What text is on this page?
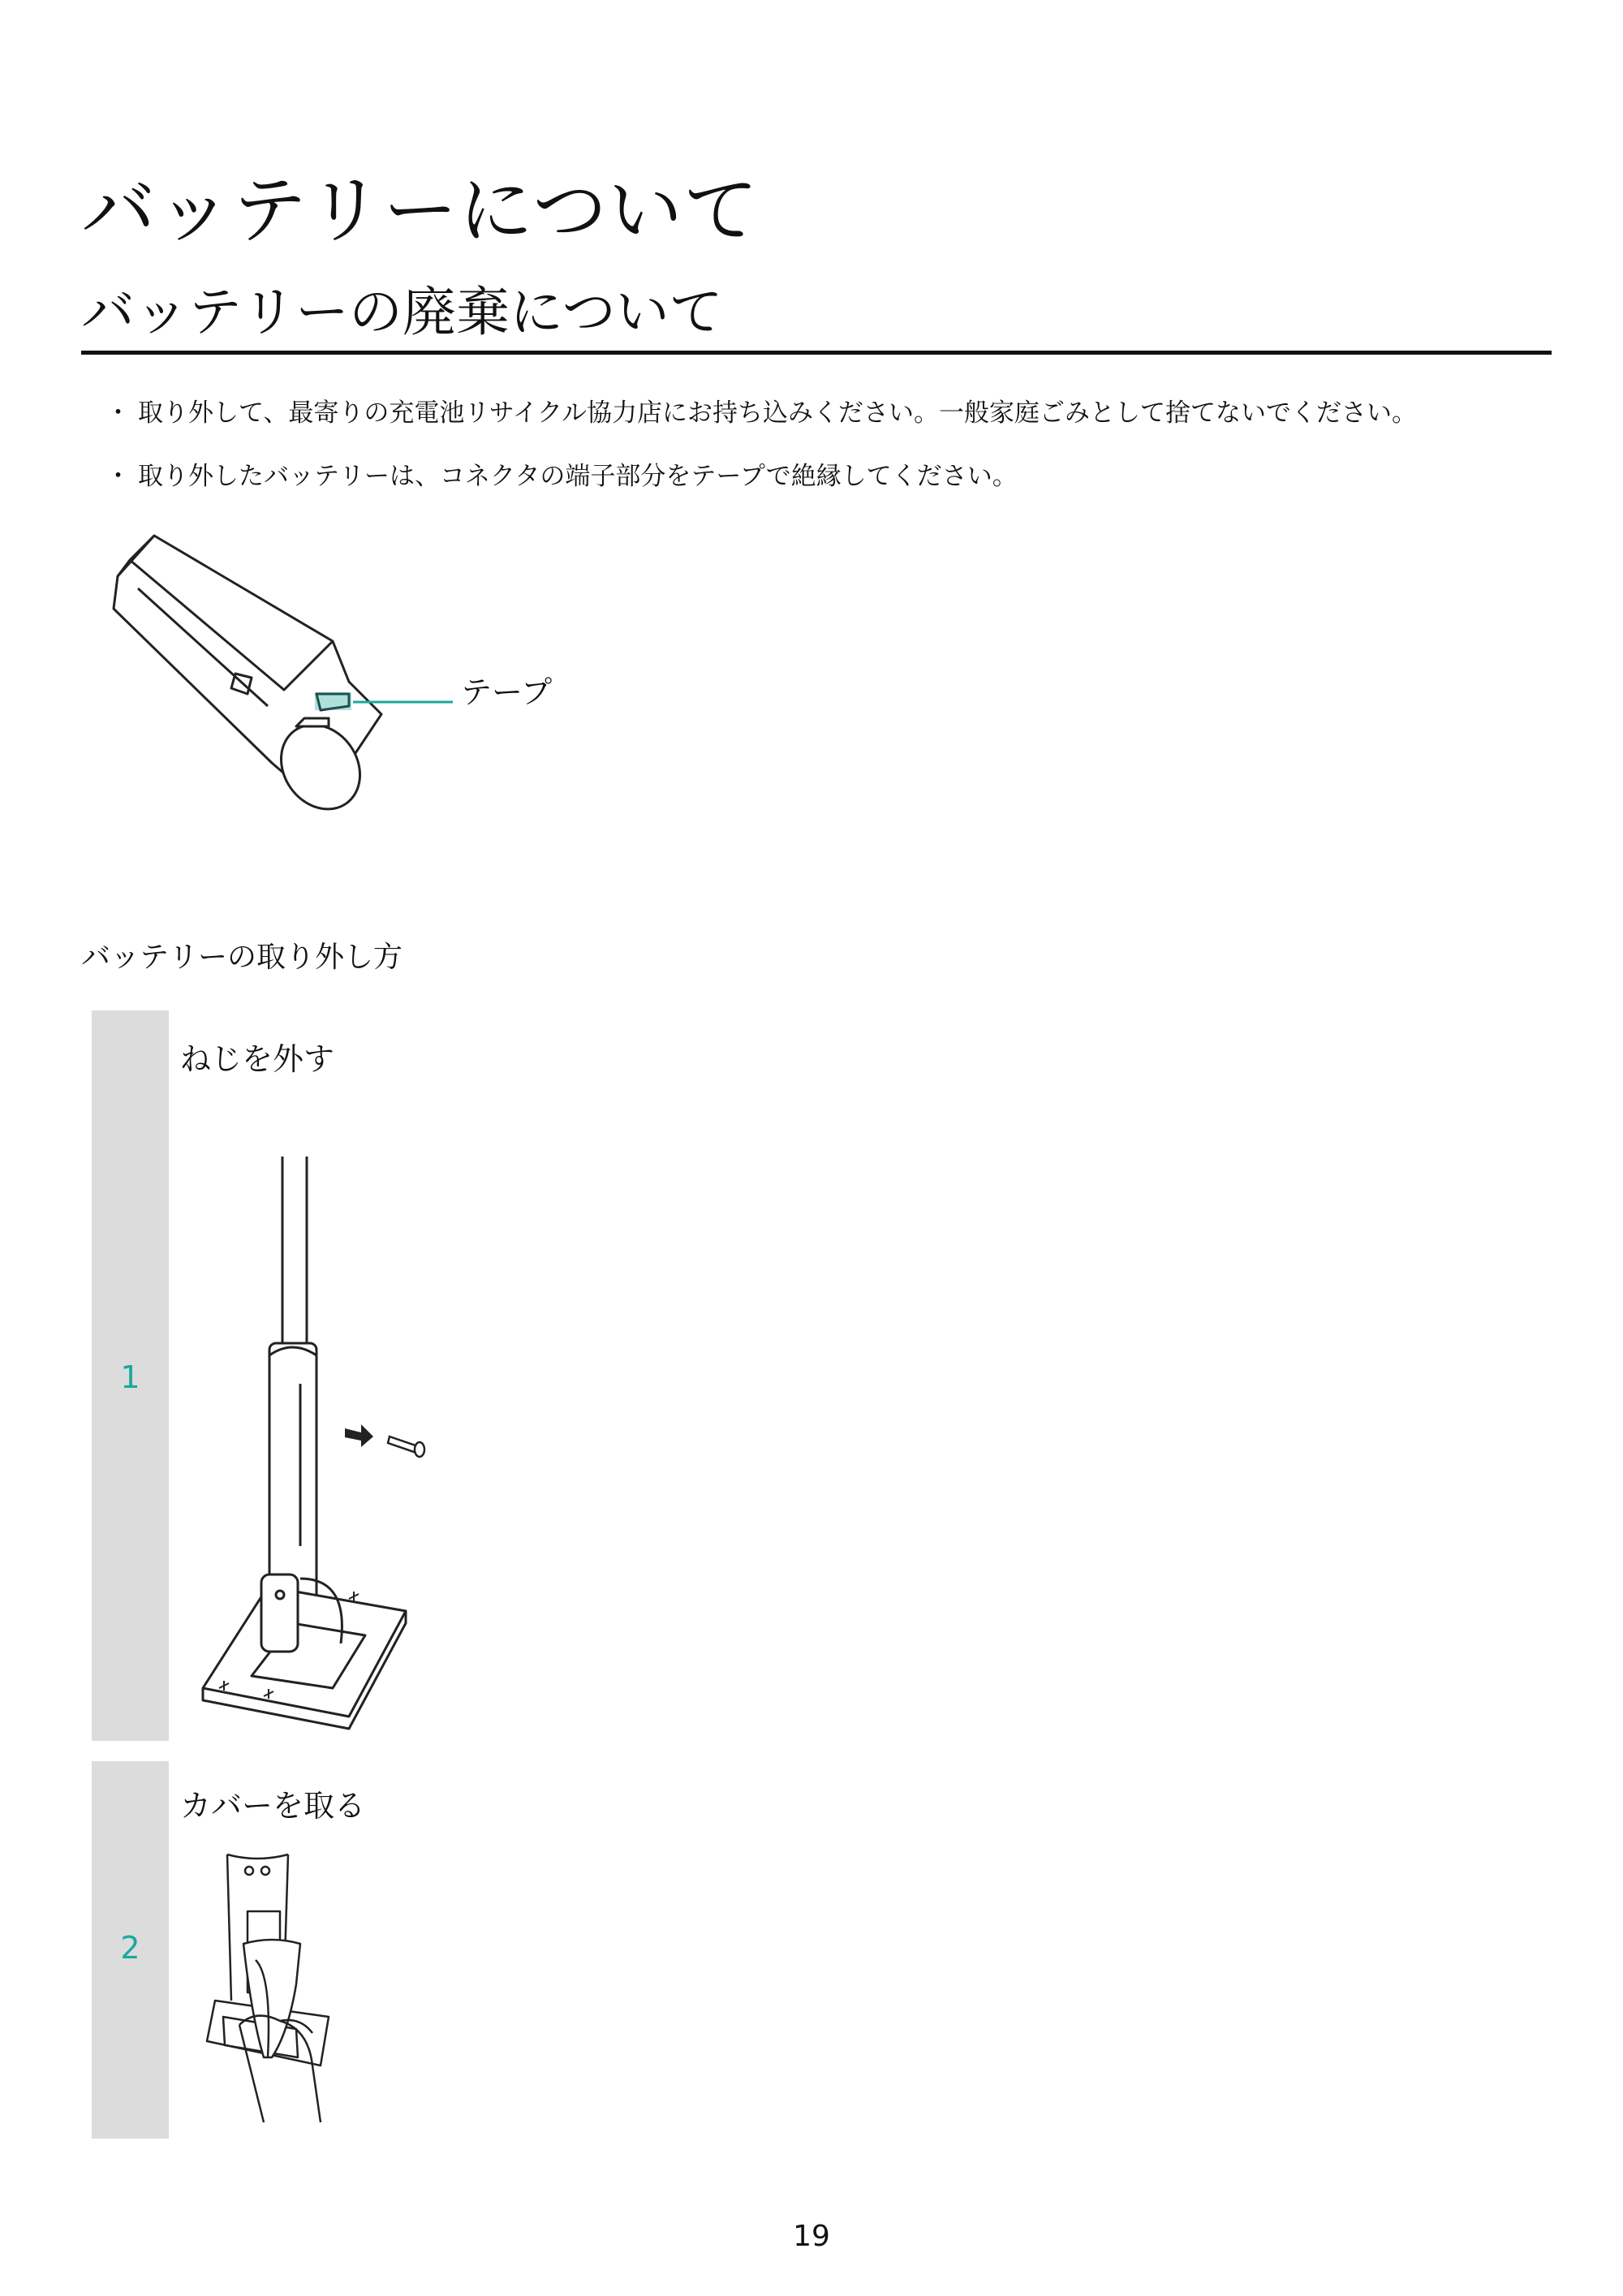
バッテリーについて
バッテリーの廃棄について
・ 取り外して、最寄りの充電池リサイクル協力店にお持ち込みください。一般家庭ごみとして捨てないでください。
・ 取り外したバッテリーは、コネクタの端子部分をテープで絶縁してください。
テープ
バッテリーの取り外し方
1
ねじを外す
2
カバーを取る
19
